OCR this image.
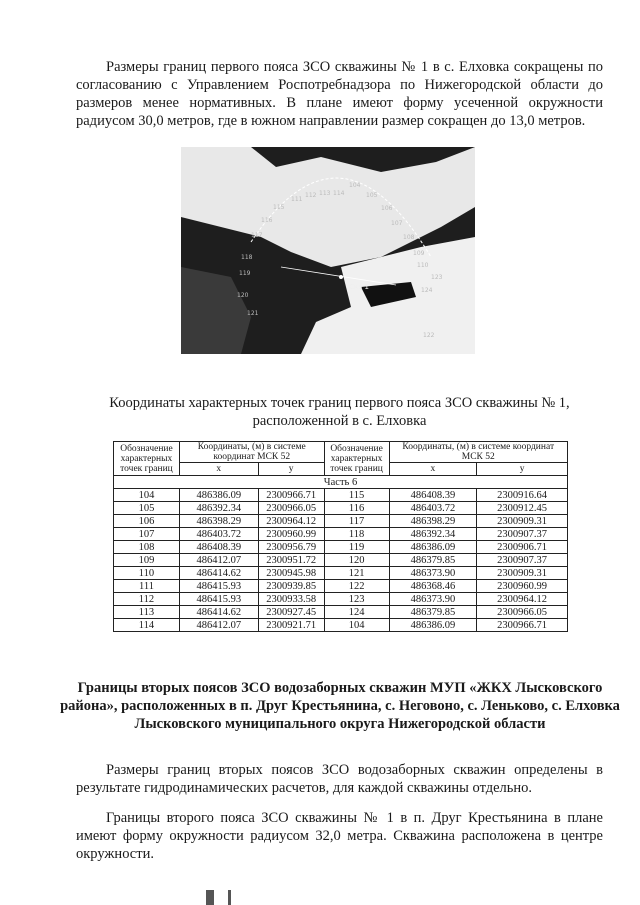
Размеры границ первого пояса ЗСО скважины № 1 в с. Елховка сокращены по согласованию с Управлением Роспотребнадзора по Нижегородской области до размеров менее нормативных. В плане имеют форму усеченной окружности радиусом 30,0 метров, где в южном направлении размер сокращен до 13,0 метров.

104
105
106
107
108
109
110
111
112 113 114
115
116
117
118
119
120
121
122
123
124
Скв 1

Координаты характерных точек границ первого пояса ЗСО скважины № 1, расположенной в с. Елховка

Обозначение характерных точек границ	Координаты, (м) в системе координат МСК 52		Обозначение характерных точек границ	Координаты, (м) в системе координат МСК 52	
	x	y		x	y
Часть 6					
104	486386.09	2300966.71	115	486408.39	2300916.64
105	486392.34	2300966.05	116	486403.72	2300912.45
106	486398.29	2300964.12	117	486398.29	2300909.31
107	486403.72	2300960.99	118	486392.34	2300907.37
108	486408.39	2300956.79	119	486386.09	2300906.71
109	486412.07	2300951.72	120	486379.85	2300907.37
110	486414.62	2300945.98	121	486373.90	2300909.31
111	486415.93	2300939.85	122	486368.46	2300960.99
112	486415.93	2300933.58	123	486373.90	2300964.12
113	486414.62	2300927.45	124	486379.85	2300966.05
114	486412.07	2300921.71	104	486386.09	2300966.71

Границы вторых поясов ЗСО водозаборных скважин МУП «ЖКХ Лысковского района», расположенных в п. Друг Крестьянина, с. Неговоно, с. Леньково, с. Елховка Лысковского муниципального округа Нижегородской области

Размеры границ вторых поясов ЗСО водозаборных скважин определены в результате гидродинамических расчетов, для каждой скважины отдельно.

Границы второго пояса ЗСО скважины № 1 в п. Друг Крестьянина в плане имеют форму окружности радиусом 32,0 метра. Скважина расположена в центре окружности.
